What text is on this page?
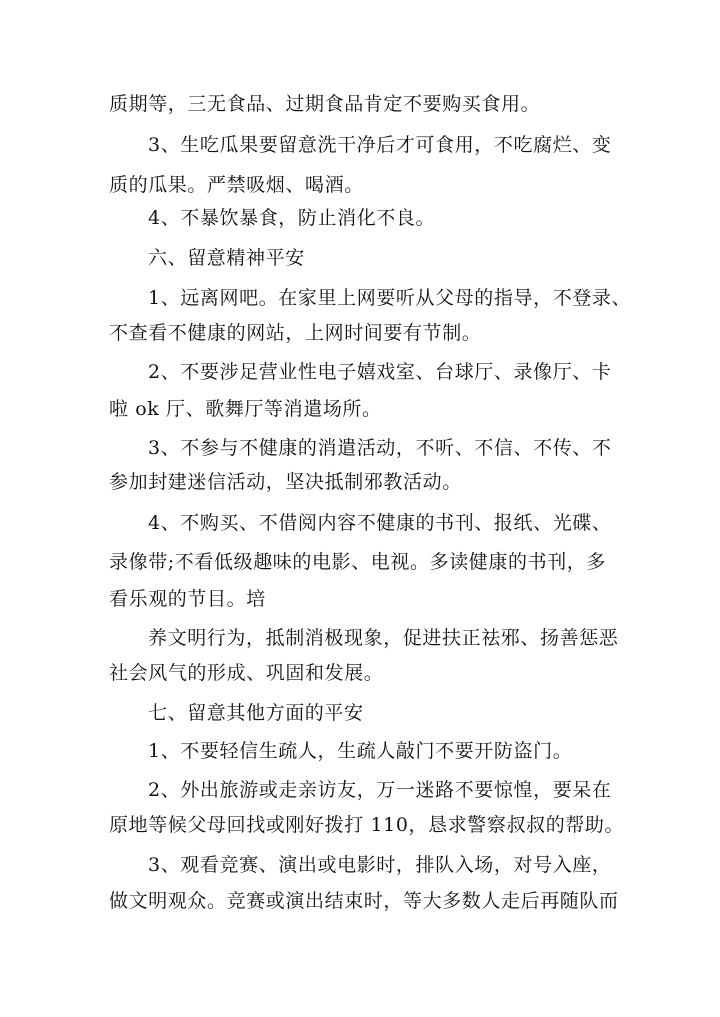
质期等，三无食品、过期食品肯定不要购买食用。
3、生吃瓜果要留意洗干净后才可食用，不吃腐烂、变
质的瓜果。严禁吸烟、喝酒。
4、不暴饮暴食，防止消化不良。
六、留意精神平安
1、远离网吧。在家里上网要听从父母的指导，不登录、
不查看不健康的网站，上网时间要有节制。
2、不要涉足营业性电子嬉戏室、台球厅、录像厅、卡
啦 ok 厅、歌舞厅等消遣场所。
3、不参与不健康的消遣活动，不听、不信、不传、不
参加封建迷信活动，坚决抵制邪教活动。
4、不购买、不借阅内容不健康的书刊、报纸、光碟、
录像带;不看低级趣味的电影、电视。多读健康的书刊，多
看乐观的节目。培
养文明行为，抵制消极现象，促进扶正祛邪、扬善惩恶
社会风气的形成、巩固和发展。
七、留意其他方面的平安
1、不要轻信生疏人，生疏人敲门不要开防盗门。
2、外出旅游或走亲访友，万一迷路不要惊惶，要呆在
原地等候父母回找或刚好拨打 110，恳求警察叔叔的帮助。
3、观看竞赛、演出或电影时，排队入场，对号入座，
做文明观众。竞赛或演出结束时，等大多数人走后再随队而
